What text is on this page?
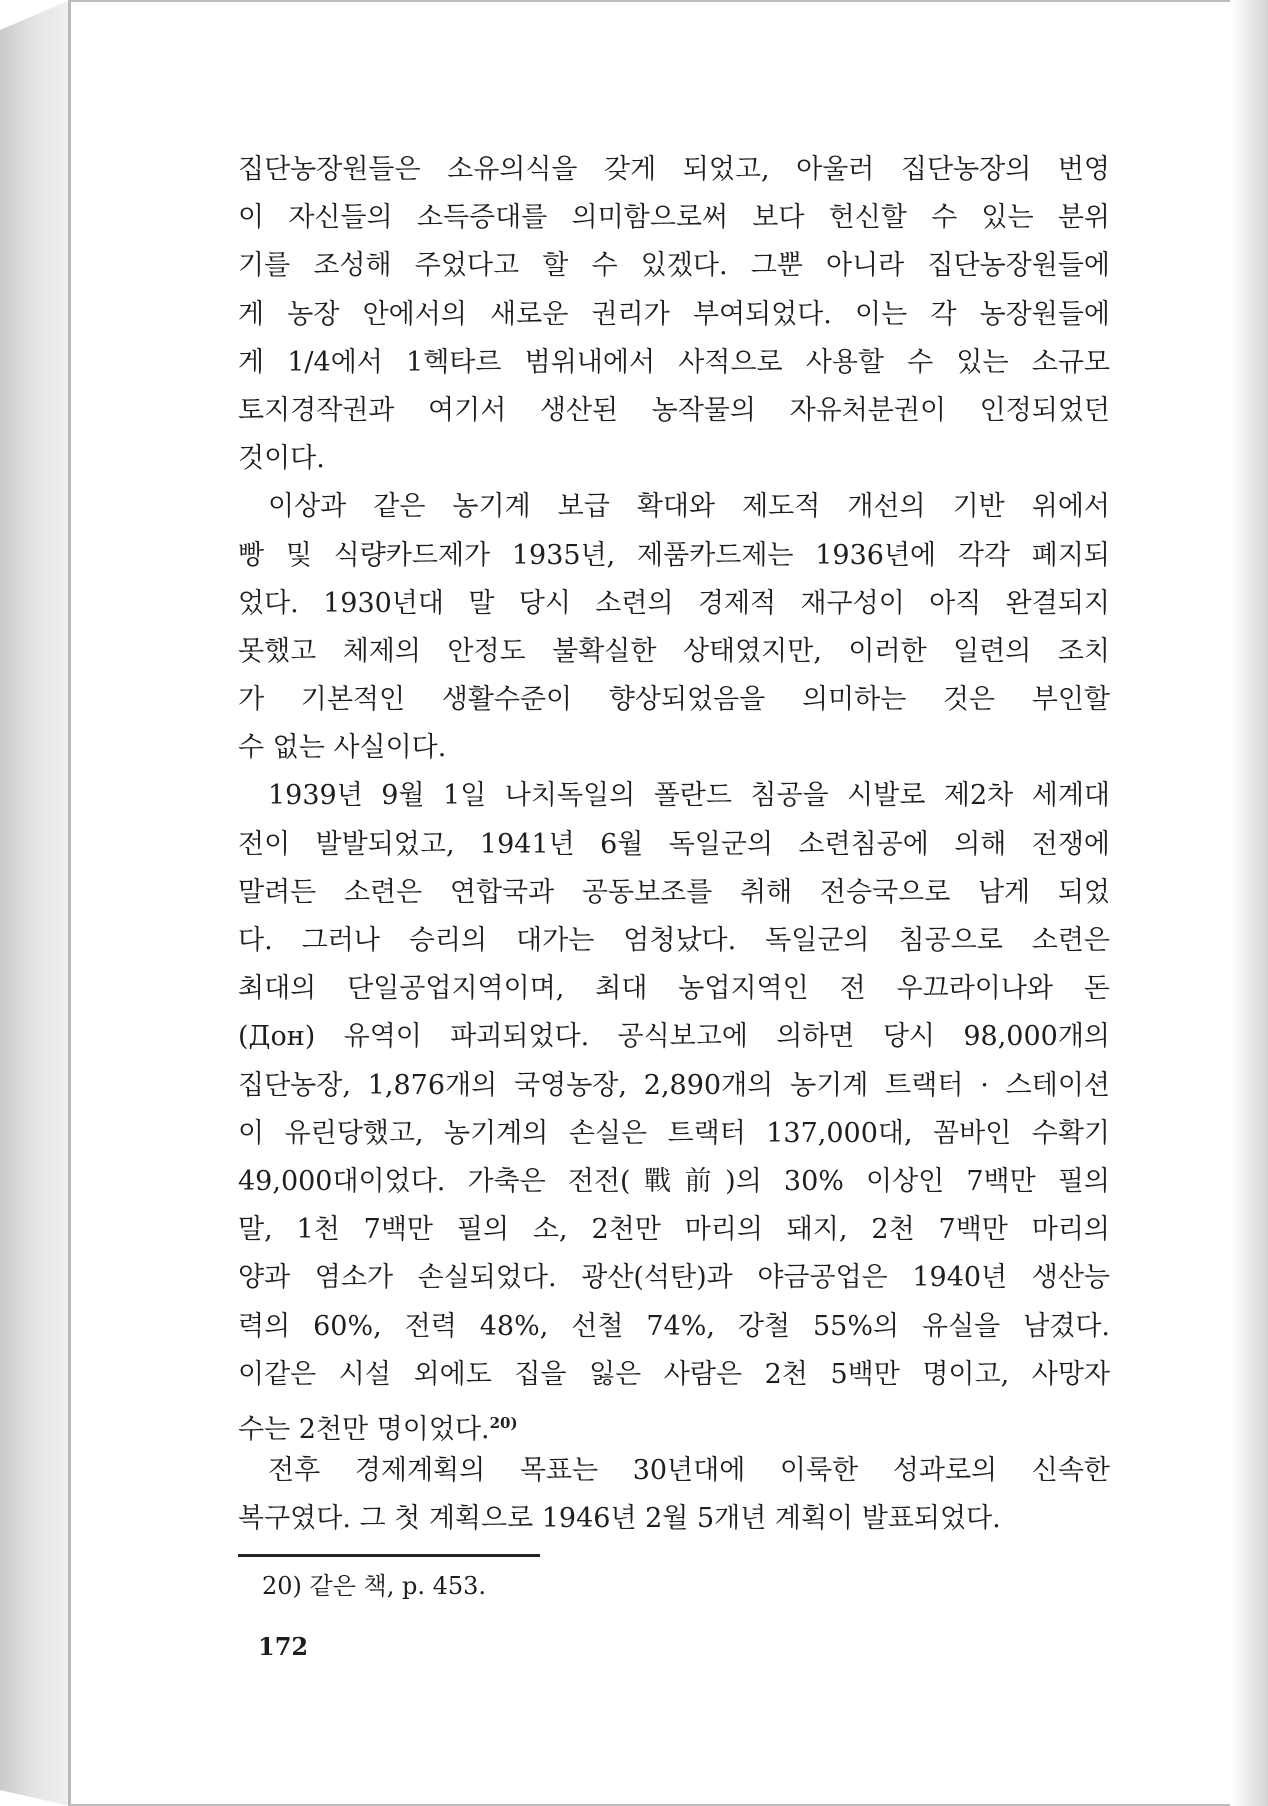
집단농장원들은 소유의식을 갖게 되었고, 아울러 집단농장의 번영
이 자신들의 소득증대를 의미함으로써 보다 헌신할 수 있는 분위
기를 조성해 주었다고 할 수 있겠다. 그뿐 아니라 집단농장원들에
게 농장 안에서의 새로운 권리가 부여되었다. 이는 각 농장원들에
게 1/4에서 1헥타르 범위내에서 사적으로 사용할 수 있는 소규모
토지경작권과 여기서 생산된 농작물의 자유처분권이 인정되었던
것이다.
이상과 같은 농기계 보급 확대와 제도적 개선의 기반 위에서
빵 및 식량카드제가 1935년, 제품카드제는 1936년에 각각 폐지되
었다. 1930년대 말 당시 소련의 경제적 재구성이 아직 완결되지
못했고 체제의 안정도 불확실한 상태였지만, 이러한 일련의 조치
가 기본적인 생활수준이 향상되었음을 의미하는 것은 부인할
수 없는 사실이다.
1939년 9월 1일 나치독일의 폴란드 침공을 시발로 제2차 세계대
전이 발발되었고, 1941년 6월 독일군의 소련침공에 의해 전쟁에
말려든 소련은 연합국과 공동보조를 취해 전승국으로 남게 되었
다. 그러나 승리의 대가는 엄청났다. 독일군의 침공으로 소련은
최대의 단일공업지역이며, 최대 농업지역인 전 우끄라이나와 돈
(Дон) 유역이 파괴되었다. 공식보고에 의하면 당시 98,000개의
집단농장, 1,876개의 국영농장, 2,890개의 농기계 트랙터 · 스테이션
이 유린당했고, 농기계의 손실은 트랙터 137,000대, 꼼바인 수확기
49,000대이었다. 가축은 전전(戰前)의 30% 이상인 7백만 필의
말, 1천 7백만 필의 소, 2천만 마리의 돼지, 2천 7백만 마리의
양과 염소가 손실되었다. 광산(석탄)과 야금공업은 1940년 생산능
력의 60%, 전력 48%, 선철 74%, 강철 55%의 유실을 남겼다.
이같은 시설 외에도 집을 잃은 사람은 2천 5백만 명이고, 사망자
수는 2천만 명이었다.$^{20)}$
전후 경제계획의 목표는 30년대에 이룩한 성과로의 신속한
복구였다. 그 첫 계획으로 1946년 2월 5개년 계획이 발표되었다.
20) 같은 책, p. 453.
172
